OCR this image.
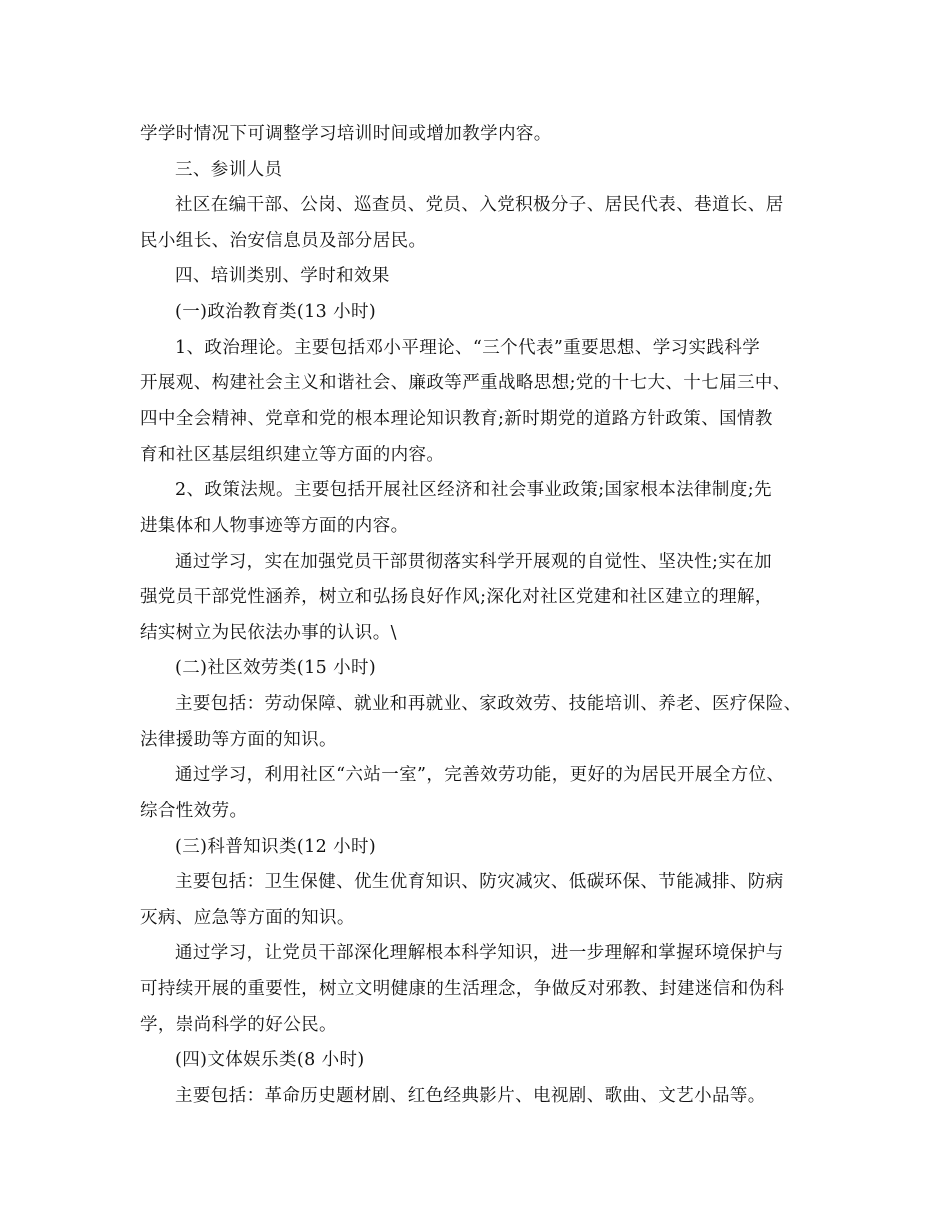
学学时情况下可调整学习培训时间或增加教学内容。
三、参训人员
社区在编干部、公岗、巡查员、党员、入党积极分子、居民代表、巷道长、居
民小组长、治安信息员及部分居民。
四、培训类别、学时和效果
(一)政治教育类(13 小时)
1、政治理论。主要包括邓小平理论、“三个代表”重要思想、学习实践科学
开展观、构建社会主义和谐社会、廉政等严重战略思想;党的十七大、十七届三中、
四中全会精神、党章和党的根本理论知识教育;新时期党的道路方针政策、国情教
育和社区基层组织建立等方面的内容。
2、政策法规。主要包括开展社区经济和社会事业政策;国家根本法律制度;先
进集体和人物事迹等方面的内容。
通过学习，实在加强党员干部贯彻落实科学开展观的自觉性、坚决性;实在加
强党员干部党性涵养，树立和弘扬良好作风;深化对社区党建和社区建立的理解，
结实树立为民依法办事的认识。\
(二)社区效劳类(15 小时)
主要包括：劳动保障、就业和再就业、家政效劳、技能培训、养老、医疗保险、
法律援助等方面的知识。
通过学习，利用社区“六站一室”，完善效劳功能，更好的为居民开展全方位、
综合性效劳。
(三)科普知识类(12 小时)
主要包括：卫生保健、优生优育知识、防灾减灾、低碳环保、节能减排、防病
灭病、应急等方面的知识。
通过学习，让党员干部深化理解根本科学知识，进一步理解和掌握环境保护与
可持续开展的重要性，树立文明健康的生活理念，争做反对邪教、封建迷信和伪科
学，崇尚科学的好公民。
(四)文体娱乐类(8 小时)
主要包括：革命历史题材剧、红色经典影片、电视剧、歌曲、文艺小品等。
